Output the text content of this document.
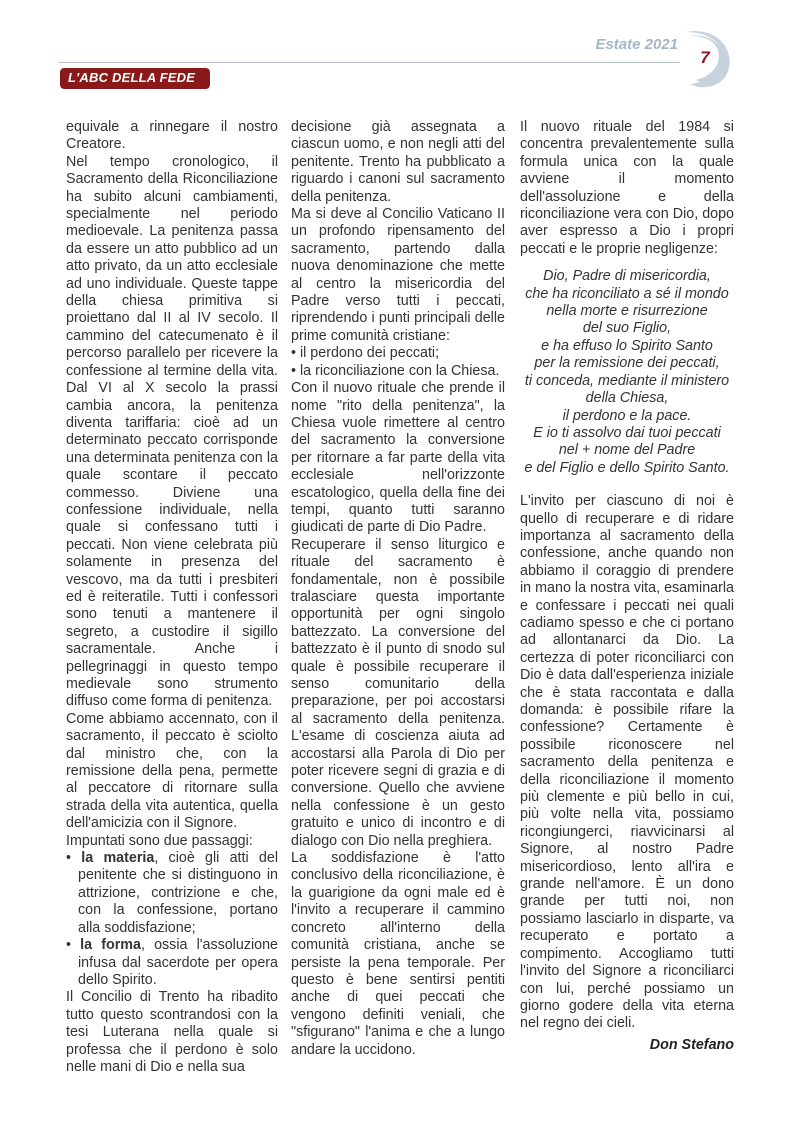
Estate 2021
7
L'ABC DELLA FEDE

equivale a rinnegare il nostro Creatore.

Nel tempo cronologico, il Sacramento della Riconciliazione ha subito alcuni cambiamenti, specialmente nel periodo medioevale. La penitenza passa da essere un atto pubblico ad un atto privato, da un atto ecclesiale ad uno individuale. Queste tappe della chiesa primitiva si proiettano dal II al IV secolo. Il cammino del catecumenato è il percorso parallelo per ricevere la confessione al termine della vita. Dal VI al X secolo la prassi cambia ancora, la penitenza diventa tariffaria: cioè ad un determinato peccato corrisponde una determinata penitenza con la quale scontare il peccato commesso. Diviene una confessione individuale, nella quale si confessano tutti i peccati. Non viene celebrata più solamente in presenza del vescovo, ma da tutti i presbiteri ed è reiteratile. Tutti i confessori sono tenuti a mantenere il segreto, a custodire il sigillo sacramentale. Anche i pellegrinaggi in questo tempo medievale sono strumento diffuso come forma di penitenza.

Come abbiamo accennato, con il sacramento, il peccato è sciolto dal ministro che, con la remissione della pena, permette al peccatore di ritornare sulla strada della vita autentica, quella dell'amicizia con il Signore.

Impuntati sono due passaggi:

• la materia, cioè gli atti del penitente che si distinguono in attrizione, contrizione e che, con la confessione, portano alla soddisfazione;

• la forma, ossia l'assoluzione infusa dal sacerdote per opera dello Spirito.

Il Concilio di Trento ha ribadito tutto questo scontrandosi con la tesi Luterana nella quale si professa che il perdono è solo nelle mani di Dio e nella sua

decisione già assegnata a ciascun uomo, e non negli atti del penitente. Trento ha pubblicato a riguardo i canoni sul sacramento della penitenza.

Ma si deve al Concilio Vaticano II un profondo ripensamento del sacramento, partendo dalla nuova denominazione che mette al centro la misericordia del Padre verso tutti i peccati, riprendendo i punti principali delle prime comunità cristiane:

• il perdono dei peccati;

• la riconciliazione con la Chiesa.

Con il nuovo rituale che prende il nome "rito della penitenza", la Chiesa vuole rimettere al centro del sacramento la conversione per ritornare a far parte della vita ecclesiale nell'orizzonte escatologico, quella della fine dei tempi, quanto tutti saranno giudicati de parte di Dio Padre.

Recuperare il senso liturgico e rituale del sacramento è fondamentale, non è possibile tralasciare questa importante opportunità per ogni singolo battezzato. La conversione del battezzato è il punto di snodo sul quale è possibile recuperare il senso comunitario della preparazione, per poi accostarsi al sacramento della penitenza. L'esame di coscienza aiuta ad accostarsi alla Parola di Dio per poter ricevere segni di grazia e di conversione. Quello che avviene nella confessione è un gesto gratuito e unico di incontro e di dialogo con Dio nella preghiera.

La soddisfazione è l'atto conclusivo della riconciliazione, è la guarigione da ogni male ed è l'invito a recuperare il cammino concreto all'interno della comunità cristiana, anche se persiste la pena temporale. Per questo è bene sentirsi pentiti anche di quei peccati che vengono definiti veniali, che "sfigurano" l'anima e che a lungo andare la uccidono.

Il nuovo rituale del 1984 si concentra prevalentemente sulla formula unica con la quale avviene il momento dell'assoluzione e della riconciliazione vera con Dio, dopo aver espresso a Dio i propri peccati e le proprie negligenze:

Dio, Padre di misericordia,
che ha riconciliato a sé il mondo
nella morte e risurrezione
del suo Figlio,
e ha effuso lo Spirito Santo
per la remissione dei peccati,
ti conceda, mediante il ministero
della Chiesa,
il perdono e la pace.
E io ti assolvo dai tuoi peccati
nel + nome del Padre
e del Figlio e dello Spirito Santo.

L'invito per ciascuno di noi è quello di recuperare e di ridare importanza al sacramento della confessione, anche quando non abbiamo il coraggio di prendere in mano la nostra vita, esaminarla e confessare i peccati nei quali cadiamo spesso e che ci portano ad allontanarci da Dio. La certezza di poter riconciliarci con Dio è data dall'esperienza iniziale che è stata raccontata e dalla domanda: è possibile rifare la confessione? Certamente è possibile riconoscere nel sacramento della penitenza e della riconciliazione il momento più clemente e più bello in cui, più volte nella vita, possiamo ricongiungerci, riavvicinarsi al Signore, al nostro Padre misericordioso, lento all'ira e grande nell'amore. È un dono grande per tutti noi, non possiamo lasciarlo in disparte, va recuperato e portato a compimento. Accogliamo tutti l'invito del Signore a riconciliarci con lui, perché possiamo un giorno godere della vita eterna nel regno dei cieli.

Don Stefano
